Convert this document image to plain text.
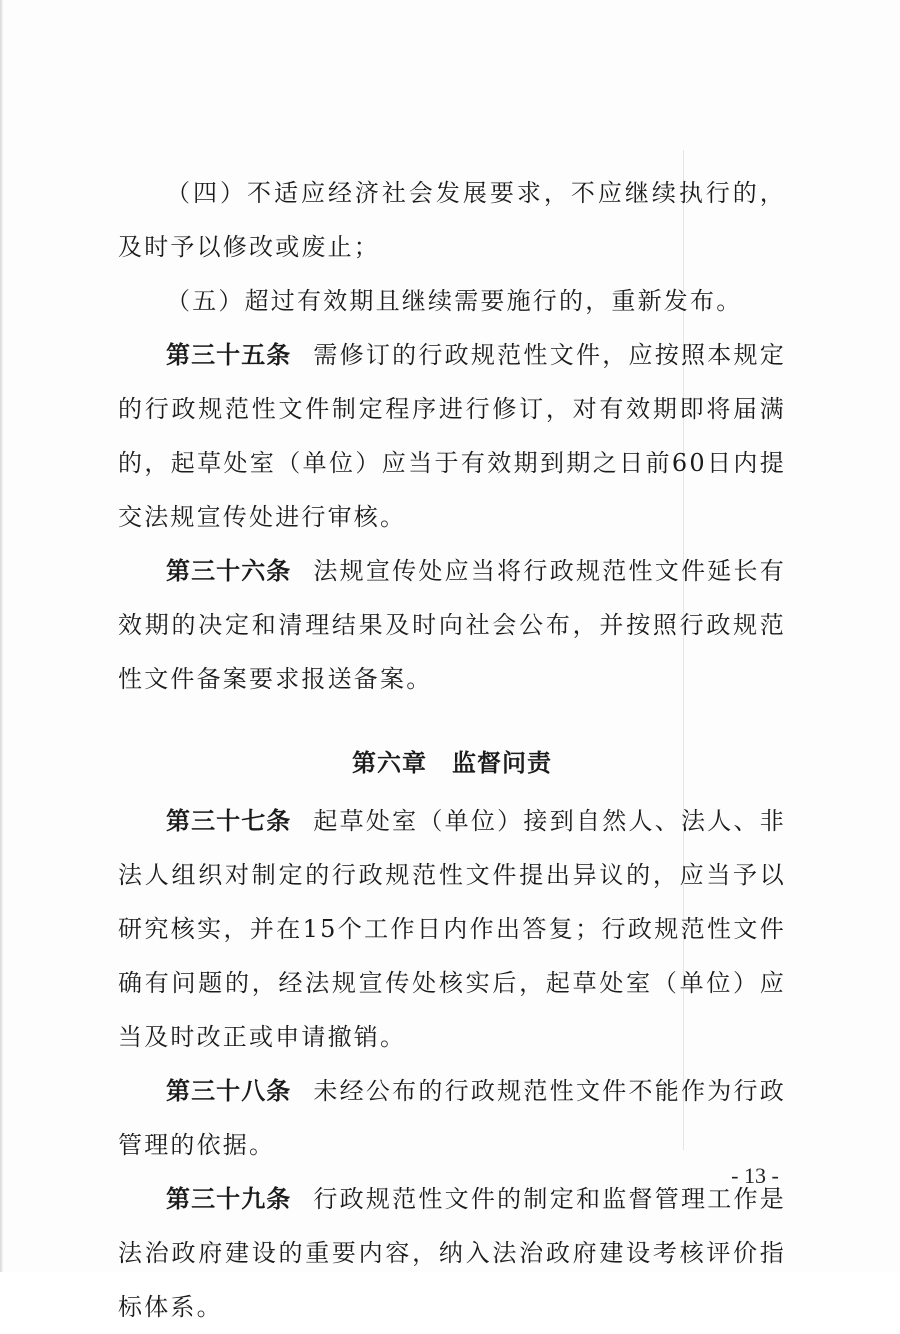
（四）不适应经济社会发展要求，不应继续执行的，及时予以修改或废止；

（五）超过有效期且继续需要施行的，重新发布。

第三十五条 需修订的行政规范性文件，应按照本规定的行政规范性文件制定程序进行修订，对有效期即将届满的，起草处室（单位）应当于有效期到期之日前60日内提交法规宣传处进行审核。

第三十六条 法规宣传处应当将行政规范性文件延长有效期的决定和清理结果及时向社会公布，并按照行政规范性文件备案要求报送备案。

第六章　监督问责

第三十七条 起草处室（单位）接到自然人、法人、非法人组织对制定的行政规范性文件提出异议的，应当予以研究核实，并在15个工作日内作出答复；行政规范性文件确有问题的，经法规宣传处核实后，起草处室（单位）应当及时改正或申请撤销。

第三十八条 未经公布的行政规范性文件不能作为行政管理的依据。

第三十九条 行政规范性文件的制定和监督管理工作是法治政府建设的重要内容，纳入法治政府建设考核评价指标体系。

- 13 -
